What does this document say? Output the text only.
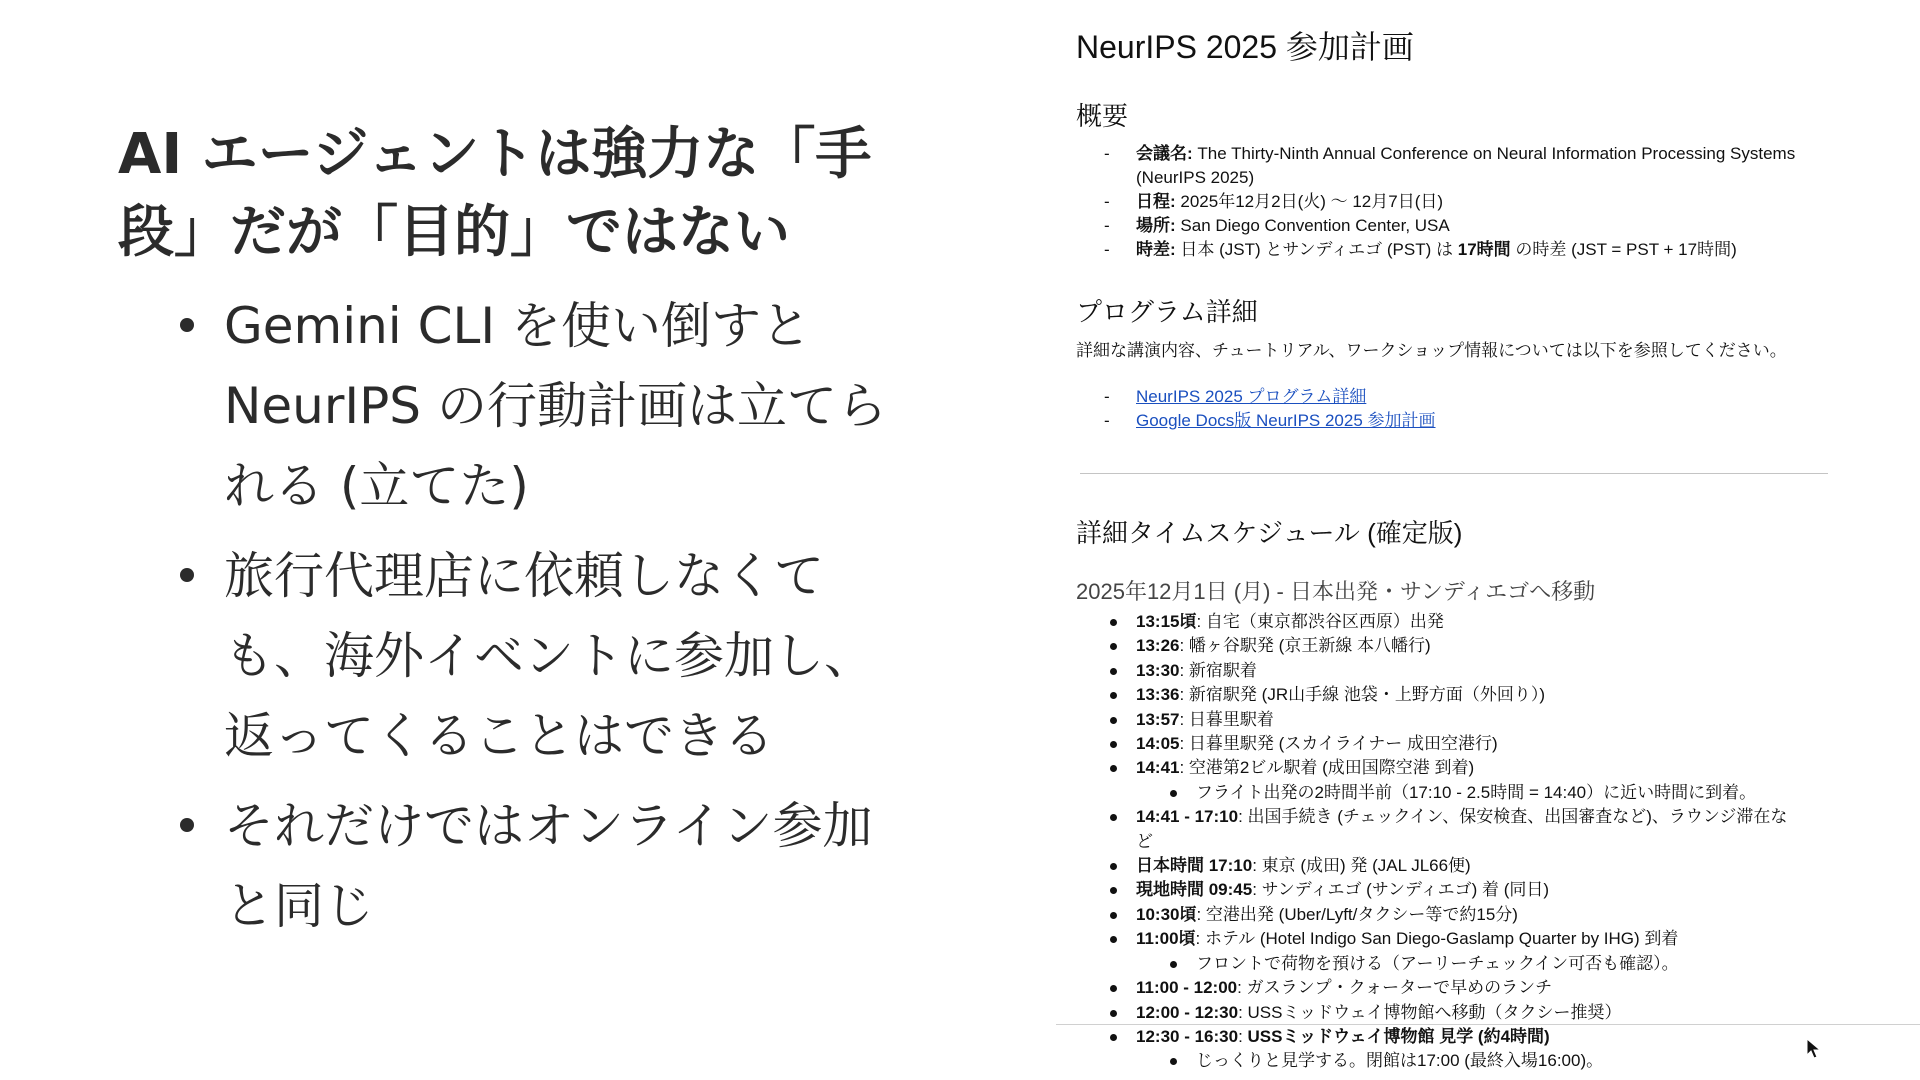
AI エージェントは強力な「手
段」だが「目的」ではない
Gemini CLI を使い倒すと
NeurIPS の行動計画は立てら
れる (立てた)
旅行代理店に依頼しなくて
も、海外イベントに参加し、
返ってくることはできる
それだけではオンライン参加
と同じ
NeurIPS 2025 参加計画
概要
- 会議名: The Thirty-Ninth Annual Conference on Neural Information Processing Systems
(NeurIPS 2025)
- 日程: 2025年12月2日(火) 〜 12月7日(日)
- 場所: San Diego Convention Center, USA
- 時差: 日本 (JST) とサンディエゴ (PST) は 17時間 の時差 (JST = PST + 17時間)
プログラム詳細

詳細な講演内容、チュートリアル、ワークショップ情報については以下を参照してください。

- NeurIPS 2025 プログラム詳細
- Google Docs版 NeurIPS 2025 参加計画
詳細タイムスケジュール (確定版)
2025年12月1日 (月) - 日本出発・サンディエゴへ移動
13:15頃: 自宅（東京都渋谷区西原）出発
13:26: 幡ヶ谷駅発 (京王新線 本八幡行)
13:30: 新宿駅着
13:36: 新宿駅発 (JR山手線 池袋・上野方面（外回り）)
13:57: 日暮里駅着
14:05: 日暮里駅発 (スカイライナー 成田空港行)
14:41: 空港第2ビル駅着 (成田国際空港 到着)
フライト出発の2時間半前（17:10 - 2.5時間 = 14:40）に近い時間に到着。
14:41 - 17:10: 出国手続き (チェックイン、保安検査、出国審査など)、ラウンジ滞在な
ど
日本時間 17:10: 東京 (成田) 発 (JAL JL66便)
現地時間 09:45: サンディエゴ (サンディエゴ) 着 (同日)
10:30頃: 空港出発 (Uber/Lyft/タクシー等で約15分)
11:00頃: ホテル (Hotel Indigo San Diego-Gaslamp Quarter by IHG) 到着
フロントで荷物を預ける（アーリーチェックイン可否も確認）。
11:00 - 12:00: ガスランプ・クォーターで早めのランチ
12:00 - 12:30: USSミッドウェイ博物館へ移動（タクシー推奨）
12:30 - 16:30: USSミッドウェイ博物館 見学 (約4時間)
じっくりと見学する。閉館は17:00 (最終入場16:00)。
